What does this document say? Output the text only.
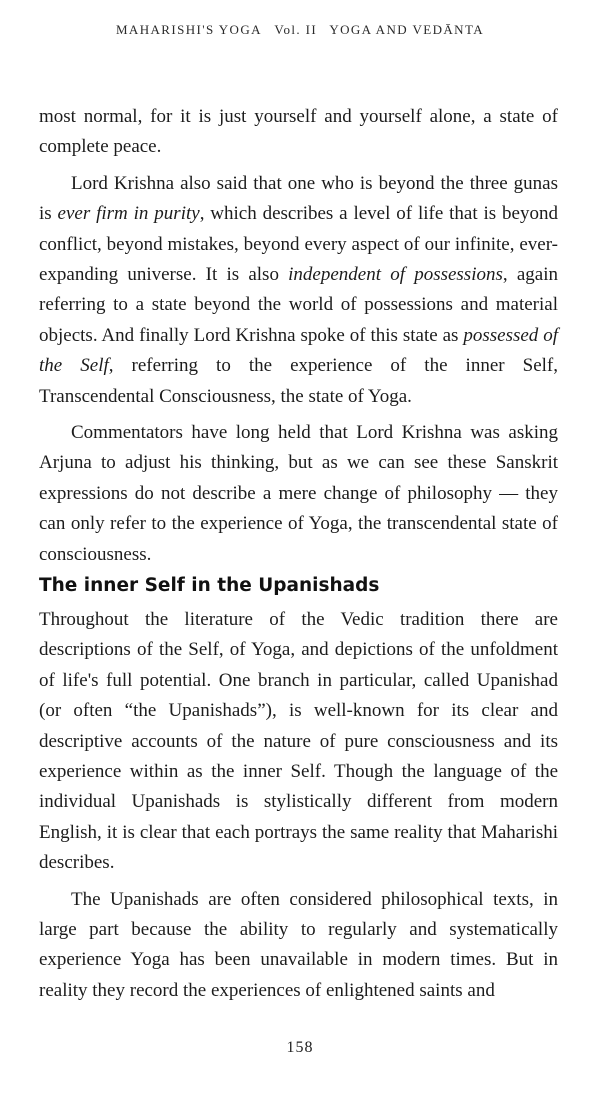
MAHARISHI'S YOGA Vol. II YOGA AND VEDĀNTA

most normal, for it is just yourself and yourself alone, a state of complete peace.

Lord Krishna also said that one who is beyond the three gunas is ever firm in purity, which describes a level of life that is beyond conflict, beyond mistakes, beyond every aspect of our infinite, ever-expanding universe. It is also independent of possessions, again referring to a state beyond the world of possessions and material objects. And finally Lord Krishna spoke of this state as possessed of the Self, referring to the experience of the inner Self, Transcendental Consciousness, the state of Yoga.

Commentators have long held that Lord Krishna was asking Arjuna to adjust his thinking, but as we can see these Sanskrit expressions do not describe a mere change of philosophy — they can only refer to the experience of Yoga, the transcendental state of consciousness.

The inner Self in the Upanishads

Throughout the literature of the Vedic tradition there are descriptions of the Self, of Yoga, and depictions of the unfoldment of life's full potential. One branch in particular, called Upanishad (or often “the Upanishads”), is well-known for its clear and descriptive accounts of the nature of pure consciousness and its experience within as the inner Self. Though the language of the individual Upanishads is stylistically different from modern English, it is clear that each portrays the same reality that Maharishi describes.

The Upanishads are often considered philosophical texts, in large part because the ability to regularly and systematically experience Yoga has been unavailable in modern times. But in reality they record the experiences of enlightened saints and

158
